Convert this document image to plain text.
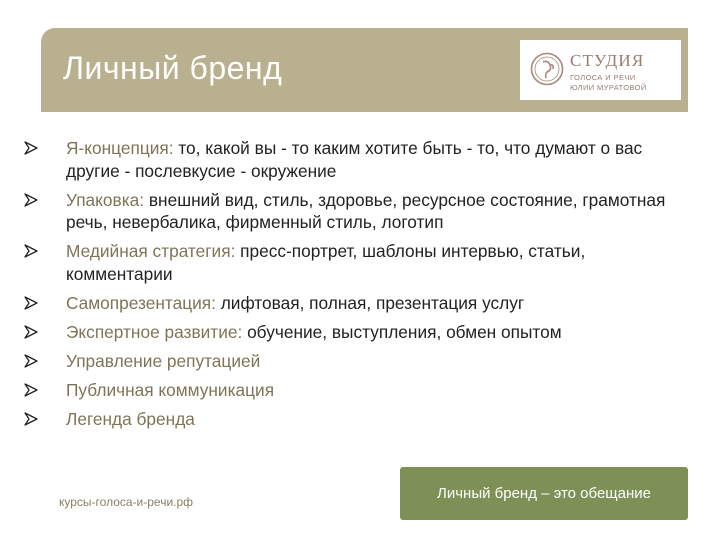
Личный бренд	СТУДИЯ
ГОЛОСА И РЕЧИ
ЮЛИИ МУРАТОВОЙ
Я-концепция: то, какой вы - то каким хотите быть - то, что думают о вас другие - послевкусие - окружение
Упаковка: внешний вид, стиль, здоровье, ресурсное состояние, грамотная речь, невербалика, фирменный стиль, логотип
Медийная стратегия: пресс-портрет, шаблоны интервью, статьи, комментарии
Самопрезентация: лифтовая, полная, презентация услуг
Экспертное развитие: обучение, выступления, обмен опытом
Управление репутацией
Публичная коммуникация
Легенда бренда
курсы-голоса-и-речи.рф	Личный бренд – это обещание
